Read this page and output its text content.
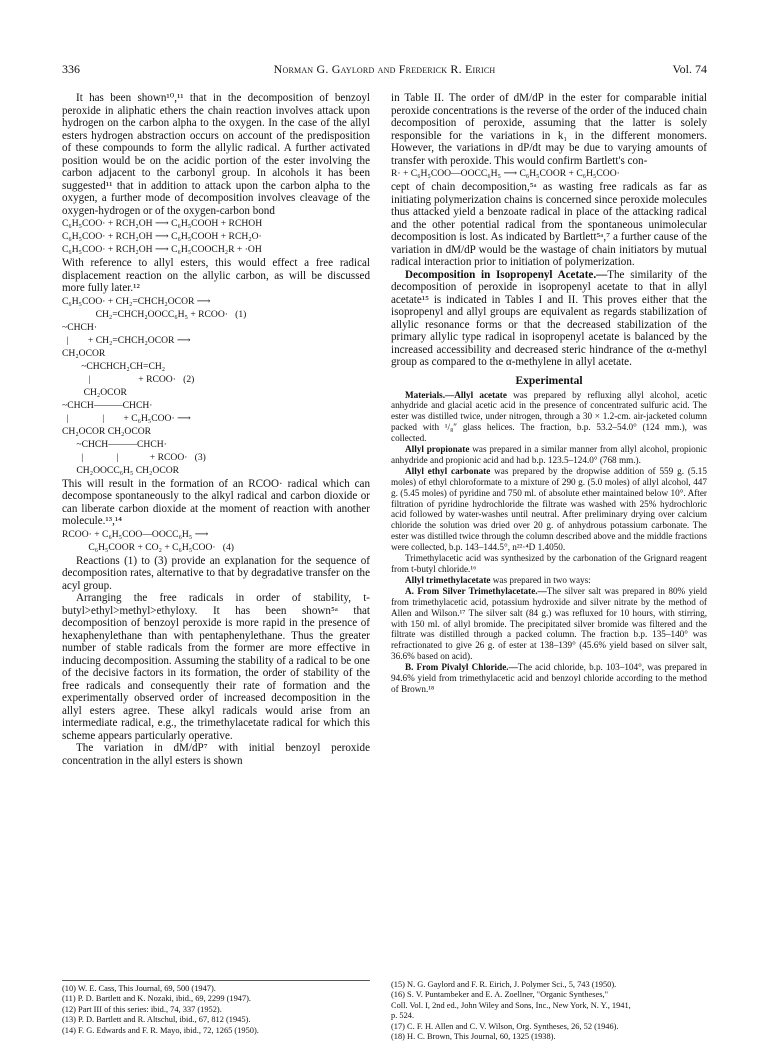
336	Norman G. Gaylord and Frederick R. Eirich	Vol. 74

It has been shown¹⁰,¹¹ that in the decomposition of benzoyl peroxide in aliphatic ethers the chain reaction involves attack upon hydrogen on the carbon alpha to the oxygen. In the case of the allyl esters hydrogen abstraction occurs on account of the predisposition of these compounds to form the allylic radical. A further activated position would be on the acidic portion of the ester involving the carbon adjacent to the carbonyl group. In alcohols it has been suggested¹¹ that in addition to attack upon the carbon alpha to the oxygen, a further mode of decomposition involves cleavage of the oxygen-hydrogen or of the oxygen-carbon bond

C₆H₅COO· + RCH₂OH ⟶ C₆H₅COOH + RCHOH
C₆H₅COO· + RCH₂OH ⟶ C₆H₅COOH + RCH₂O·
C₆H₅COO· + RCH₂OH ⟶ C₆H₅COOCH₂R + ·OH

With reference to allyl esters, this would effect a free radical displacement reaction on the allylic carbon, as will be discussed more fully later.¹²

C₆H₅COO· + CH₂=CHCH₂OCOR ⟶
CH₂=CHCH₂OOCC₆H₅ + RCOO·   (1)
~CHCH·
|        + CH₂=CHCH₂OCOR ⟶
CH₂OCOR
~CHCHCH₂CH=CH₂
|                    + RCOO·   (2)
CH₂OCOR
~CHCH———CHCH·
|              |        + C₆H₅COO· ⟶
CH₂OCOR CH₂OCOR
~CHCH———CHCH·
|              |             + RCOO·   (3)
CH₂OOCC₆H₅ CH₂OCOR

This will result in the formation of an RCOO· radical which can decompose spontaneously to the alkyl radical and carbon dioxide or can liberate carbon dioxide at the moment of reaction with another molecule.¹³,¹⁴

RCOO· + C₆H₅COO—OOCC₆H₅ ⟶
C₆H₅COOR + CO₂ + C₆H₅COO·   (4)

Reactions (1) to (3) provide an explanation for the sequence of decomposition rates, alternative to that by degradative transfer on the acyl group.

Arranging the free radicals in order of stability, t-butyl>ethyl>methyl>ethyloxy. It has been shown⁵ᵃ that decomposition of benzoyl peroxide is more rapid in the presence of hexaphenylethane than with pentaphenylethane. Thus the greater number of stable radicals from the former are more effective in inducing decomposition. Assuming the stability of a radical to be one of the decisive factors in its formation, the order of stability of the free radicals and consequently their rate of formation and the experimentally observed order of increased decomposition in the allyl esters agree. These alkyl radicals would arise from an intermediate radical, e.g., the trimethylacetate radical for which this scheme appears particularly operative.

The variation in dM/dP⁷ with initial benzoyl peroxide concentration in the allyl esters is shown

in Table II. The order of dM/dP in the ester for comparable initial peroxide concentrations is the reverse of the order of the induced chain decomposition of peroxide, assuming that the latter is solely responsible for the variations in k₁ in the different monomers. However, the variations in dP/dt may be due to varying amounts of transfer with peroxide. This would confirm Bartlett's con-

R· + C₆H₅COO—OOCC₆H₅ ⟶ C₆H₅COOR + C₆H₅COO·

cept of chain decomposition,⁵ᵃ as wasting free radicals as far as initiating polymerization chains is concerned since peroxide molecules thus attacked yield a benzoate radical in place of the attacking radical and the other potential radical from the spontaneous unimolecular decomposition is lost. As indicated by Bartlett⁵ᵃ,⁷ a further cause of the variation in dM/dP would be the wastage of chain initiators by mutual radical interaction prior to initiation of polymerization.

Decomposition in Isopropenyl Acetate.—The similarity of the decomposition of peroxide in isopropenyl acetate to that in allyl acetate¹⁵ is indicated in Tables I and II. This proves either that the isopropenyl and allyl groups are equivalent as regards stabilization of allylic resonance forms or that the decreased stabilization of the primary allylic type radical in isopropenyl acetate is balanced by the increased accessibility and decreased steric hindrance of the α-methyl group as compared to the α-methylene in allyl acetate.

Experimental

Materials.—Allyl acetate was prepared by refluxing allyl alcohol, acetic anhydride and glacial acetic acid in the presence of concentrated sulfuric acid. The ester was distilled twice, under nitrogen, through a 30 × 1.2-cm. air-jacketed column packed with ¹/₈″ glass helices. The fraction, b.p. 53.2–54.0° (124 mm.), was collected.

Allyl propionate was prepared in a similar manner from allyl alcohol, propionic anhydride and propionic acid and had b.p. 123.5–124.0° (768 mm.).

Allyl ethyl carbonate was prepared by the dropwise addition of 559 g. (5.15 moles) of ethyl chloroformate to a mixture of 290 g. (5.0 moles) of allyl alcohol, 447 g. (5.45 moles) of pyridine and 750 ml. of absolute ether maintained below 10°. After filtration of pyridine hydrochloride the filtrate was washed with 25% hydrochloric acid followed by water-washes until neutral. After preliminary drying over calcium chloride the solution was dried over 20 g. of anhydrous potassium carbonate. The ester was distilled twice through the column described above and the middle fractions were collected, b.p. 143–144.5°, n²²·⁴D 1.4050.

Trimethylacetic acid was synthesized by the carbonation of the Grignard reagent from t-butyl chloride.¹⁶

Allyl trimethylacetate was prepared in two ways:

A. From Silver Trimethylacetate.—The silver salt was prepared in 80% yield from trimethylacetic acid, potassium hydroxide and silver nitrate by the method of Allen and Wilson.¹⁷ The silver salt (84 g.) was refluxed for 10 hours, with stirring, with 150 ml. of allyl bromide. The precipitated silver bromide was filtered and the filtrate was distilled through a packed column. The fraction b.p. 135–140° was refractionated to give 26 g. of ester at 138–139° (45.6% yield based on silver salt, 36.6% based on acid).

B. From Pivalyl Chloride.—The acid chloride, b.p. 103–104°, was prepared in 94.6% yield from trimethylacetic acid and benzoyl chloride according to the method of Brown.¹⁸

(10) W. E. Cass, This Journal, 69, 500 (1947).
(11) P. D. Bartlett and K. Nozaki, ibid., 69, 2299 (1947).
(12) Part III of this series: ibid., 74, 337 (1952).
(13) P. D. Bartlett and R. Altschul, ibid., 67, 812 (1945).
(14) F. G. Edwards and F. R. Mayo, ibid., 72, 1265 (1950).
(15) N. G. Gaylord and F. R. Eirich, J. Polymer Sci., 5, 743 (1950).
(16) S. V. Puntambeker and E. A. Zoellner, "Organic Syntheses,"
Coll. Vol. I, 2nd ed., John Wiley and Sons, Inc., New York, N. Y., 1941,
p. 524.
(17) C. F. H. Allen and C. V. Wilson, Org. Syntheses, 26, 52 (1946).
(18) H. C. Brown, This Journal, 60, 1325 (1938).
